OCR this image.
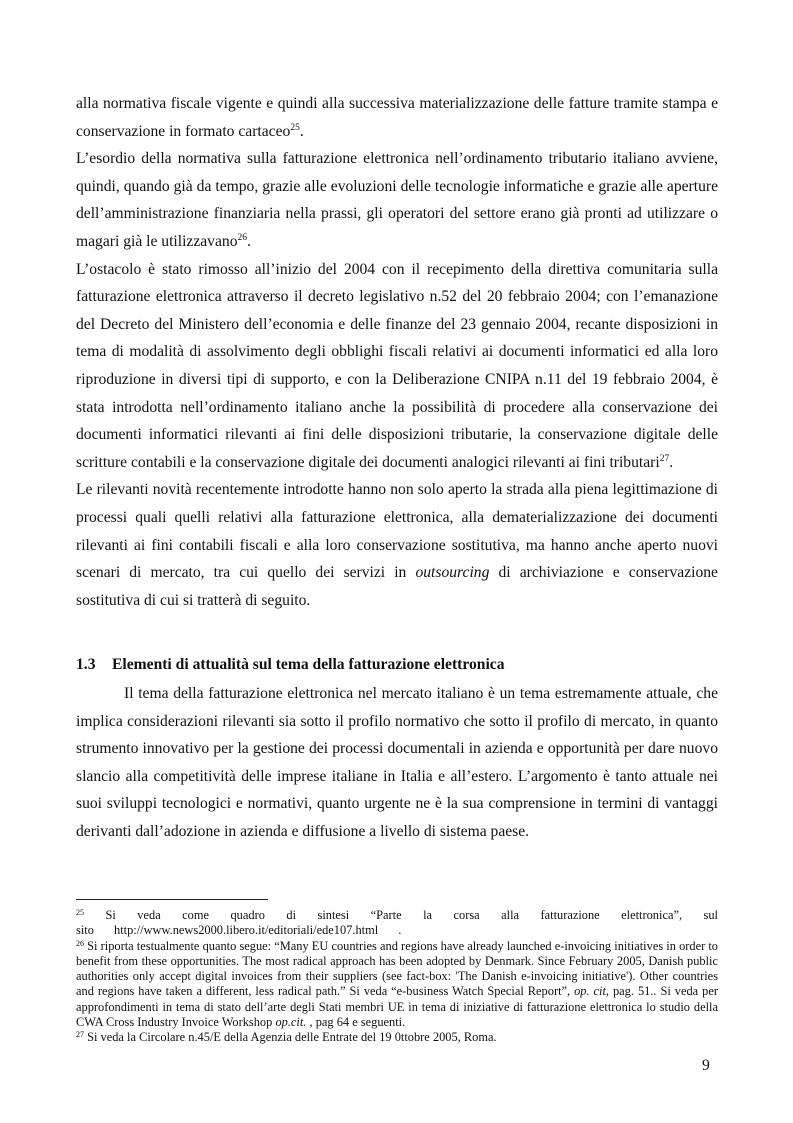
alla normativa fiscale vigente e quindi alla successiva materializzazione delle fatture tramite stampa e conservazione in formato cartaceo$^{25}$.

L’esordio della normativa sulla fatturazione elettronica nell’ordinamento tributario italiano avviene, quindi, quando già da tempo, grazie alle evoluzioni delle tecnologie informatiche e grazie alle aperture dell’amministrazione finanziaria nella prassi, gli operatori del settore erano già pronti ad utilizzare o magari già le utilizzavano$^{26}$.

L’ostacolo è stato rimosso all’inizio del 2004 con il recepimento della direttiva comunitaria sulla fatturazione elettronica attraverso il decreto legislativo n.52 del 20 febbraio 2004; con l’emanazione del Decreto del Ministero dell’economia e delle finanze del 23 gennaio 2004, recante disposizioni in tema di modalità di assolvimento degli obblighi fiscali relativi ai documenti informatici ed alla loro riproduzione in diversi tipi di supporto, e con la Deliberazione CNIPA n.11 del 19 febbraio 2004, è stata introdotta nell’ordinamento italiano anche la possibilità di procedere alla conservazione dei documenti informatici rilevanti ai fini delle disposizioni tributarie, la conservazione digitale delle scritture contabili e la conservazione digitale dei documenti analogici rilevanti ai fini tributari$^{27}$.

Le rilevanti novità recentemente introdotte hanno non solo aperto la strada alla piena legittimazione di processi quali quelli relativi alla fatturazione elettronica, alla dematerializzazione dei documenti rilevanti ai fini contabili fiscali e alla loro conservazione sostitutiva, ma hanno anche aperto nuovi scenari di mercato, tra cui quello dei servizi in outsourcing di archiviazione e conservazione sostitutiva di cui si tratterà di seguito.

1.3 Elementi di attualità sul tema della fatturazione elettronica

Il tema della fatturazione elettronica nel mercato italiano è un tema estremamente attuale, che implica considerazioni rilevanti sia sotto il profilo normativo che sotto il profilo di mercato, in quanto strumento innovativo per la gestione dei processi documentali in azienda e opportunità per dare nuovo slancio alla competitività delle imprese italiane in Italia e all’estero. L’argomento è tanto attuale nei suoi sviluppi tecnologici e normativi, quanto urgente ne è la sua comprensione in termini di vantaggi derivanti dall’adozione in azienda e diffusione a livello di sistema paese.

$^{25}$ Si veda come quadro di sintesi “Parte la corsa alla fatturazione elettronica”, sul sito http://www.news2000.libero.it/editoriali/ede107.html .

$^{26}$ Si riporta testualmente quanto segue: “Many EU countries and regions have already launched e-invoicing initiatives in order to benefit from these opportunities. The most radical approach has been adopted by Denmark. Since February 2005, Danish public authorities only accept digital invoices from their suppliers (see fact-box: 'The Danish e-invoicing initiative'). Other countries and regions have taken a different, less radical path.” Si veda “e-business Watch Special Report”, op. cit, pag. 51.. Si veda per approfondimenti in tema di stato dell’arte degli Stati membri UE in tema di iniziative di fatturazione elettronica lo studio della CWA Cross Industry Invoice Workshop op.cit. , pag 64 e seguenti.

$^{27}$ Si veda la Circolare n.45/E della Agenzia delle Entrate del 19 0ttobre 2005, Roma.

9
